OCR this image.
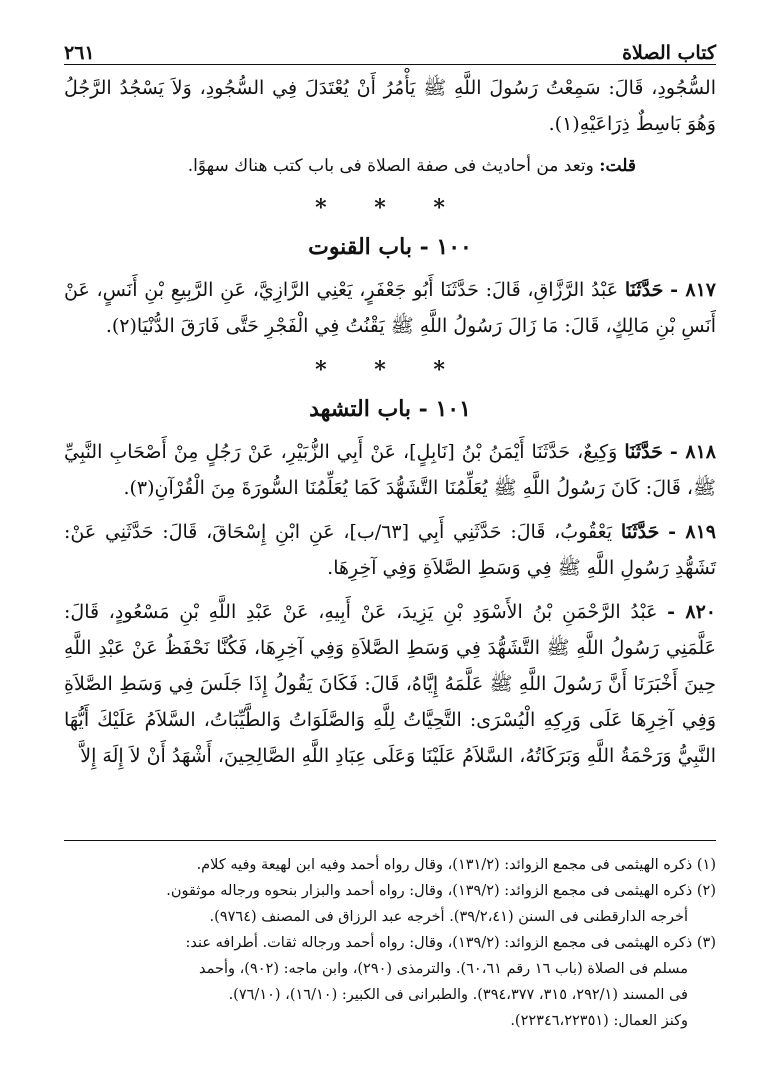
كتاب الصلاة
٢٦١

السُّجُودِ، قَالَ: سَمِعْتُ رَسُولَ اللَّهِ ﷺ يَأْمُرُ أَنْ يُعْتَدَلَ فِي السُّجُودِ، وَلاَ يَسْجُدُ الرَّجُلُ وَهُوَ بَاسِطٌ ذِرَاعَيْهِ(١).

قلت: وتعد من أحاديث فى صفة الصلاة فى باب كتب هناك سهوًا.

* * *
١٠٠ - باب القنوت

٨١٧ - حَدَّثَنَا عَبْدُ الرَّزَّاقِ، قَالَ: حَدَّثَنَا أَبُو جَعْفَرٍ، يَعْنِي الرَّازِيَّ، عَنِ الرَّبِيعِ بْنِ أَنَسٍ، عَنْ أَنَسِ بْنِ مَالِكٍ، قَالَ: مَا زَالَ رَسُولُ اللَّهِ ﷺ يَقْنُتُ فِي الْفَجْرِ حَتَّى فَارَقَ الدُّنْيَا(٢).

* * *
١٠١ - باب التشهد

٨١٨ - حَدَّثَنَا وَكِيعٌ، حَدَّثَنَا أَيْمَنُ بْنُ [نَابِلٍ]، عَنْ أَبِي الزُّبَيْرِ، عَنْ رَجُلٍ مِنْ أَصْحَابِ النَّبِيِّ ﷺ، قَالَ: كَانَ رَسُولُ اللَّهِ ﷺ يُعَلِّمُنَا التَّشَهُّدَ كَمَا يُعَلِّمُنَا السُّورَةَ مِنَ الْقُرْآنِ(٣).

٨١٩ - حَدَّثَنَا يَعْقُوبُ، قَالَ: حَدَّثَنِي أَبِي [٦٣/ب]، عَنِ ابْنِ إِسْحَاقَ، قَالَ: حَدَّثَنِي عَنْ: تَشَهُّدِ رَسُولِ اللَّهِ ﷺ فِي وَسَطِ الصَّلاَةِ وَفِي آخِرِهَا.

٨٢٠ - عَبْدُ الرَّحْمَنِ بْنُ الأَسْوَدِ بْنِ يَزِيدَ، عَنْ أَبِيهِ، عَنْ عَبْدِ اللَّهِ بْنِ مَسْعُودٍ، قَالَ: عَلَّمَنِي رَسُولُ اللَّهِ ﷺ التَّشَهُّدَ فِي وَسَطِ الصَّلاَةِ وَفِي آخِرِهَا، فَكُنَّا نَحْفَظُ عَنْ عَبْدِ اللَّهِ حِينَ أَخْبَرَنَا أَنَّ رَسُولَ اللَّهِ ﷺ عَلَّمَهُ إِيَّاهُ، قَالَ: فَكَانَ يَقُولُ إِذَا جَلَسَ فِي وَسَطِ الصَّلاَةِ وَفِي آخِرِهَا عَلَى وَرِكِهِ الْيُسْرَى: التَّحِيَّاتُ لِلَّهِ وَالصَّلَوَاتُ وَالطَّيِّبَاتُ، السَّلاَمُ عَلَيْكَ أَيُّهَا النَّبِيُّ وَرَحْمَةُ اللَّهِ وَبَرَكَاتُهُ، السَّلاَمُ عَلَيْنَا وَعَلَى عِبَادِ اللَّهِ الصَّالِحِينَ، أَشْهَدُ أَنْ لاَ إِلَهَ إِلاَّ

(١) ذكره الهيثمى فى مجمع الزوائد: (١٣١/٢)، وقال رواه أحمد وفيه ابن لهيعة وفيه كلام.

(٢) ذكره الهيثمى فى مجمع الزوائد: (١٣٩/٢)، وقال: رواه أحمد والبزار بنحوه ورجاله موثقون.

أخرجه الدارقطنى فى السنن (٣٩/٢،٤١). أخرجه عبد الرزاق فى المصنف (٩٧٦٤).

(٣) ذكره الهيثمى فى مجمع الزوائد: (١٣٩/٢)، وقال: رواه أحمد ورجاله ثقات. أطرافه عند:

مسلم فى الصلاة (باب ١٦ رقم ٦٠،٦١). والترمذى (٢٩٠)، وابن ماجه: (٩٠٢)، وأحمد

فى المسند (٢٩٢/١، ٣١٥، ٣٩٤،٣٧٧). والطبرانى فى الكبير: (١٦/١٠)، (٧٦/١٠).

وكنز العمال: (٢٢٣٤٦،٢٢٣٥١).
